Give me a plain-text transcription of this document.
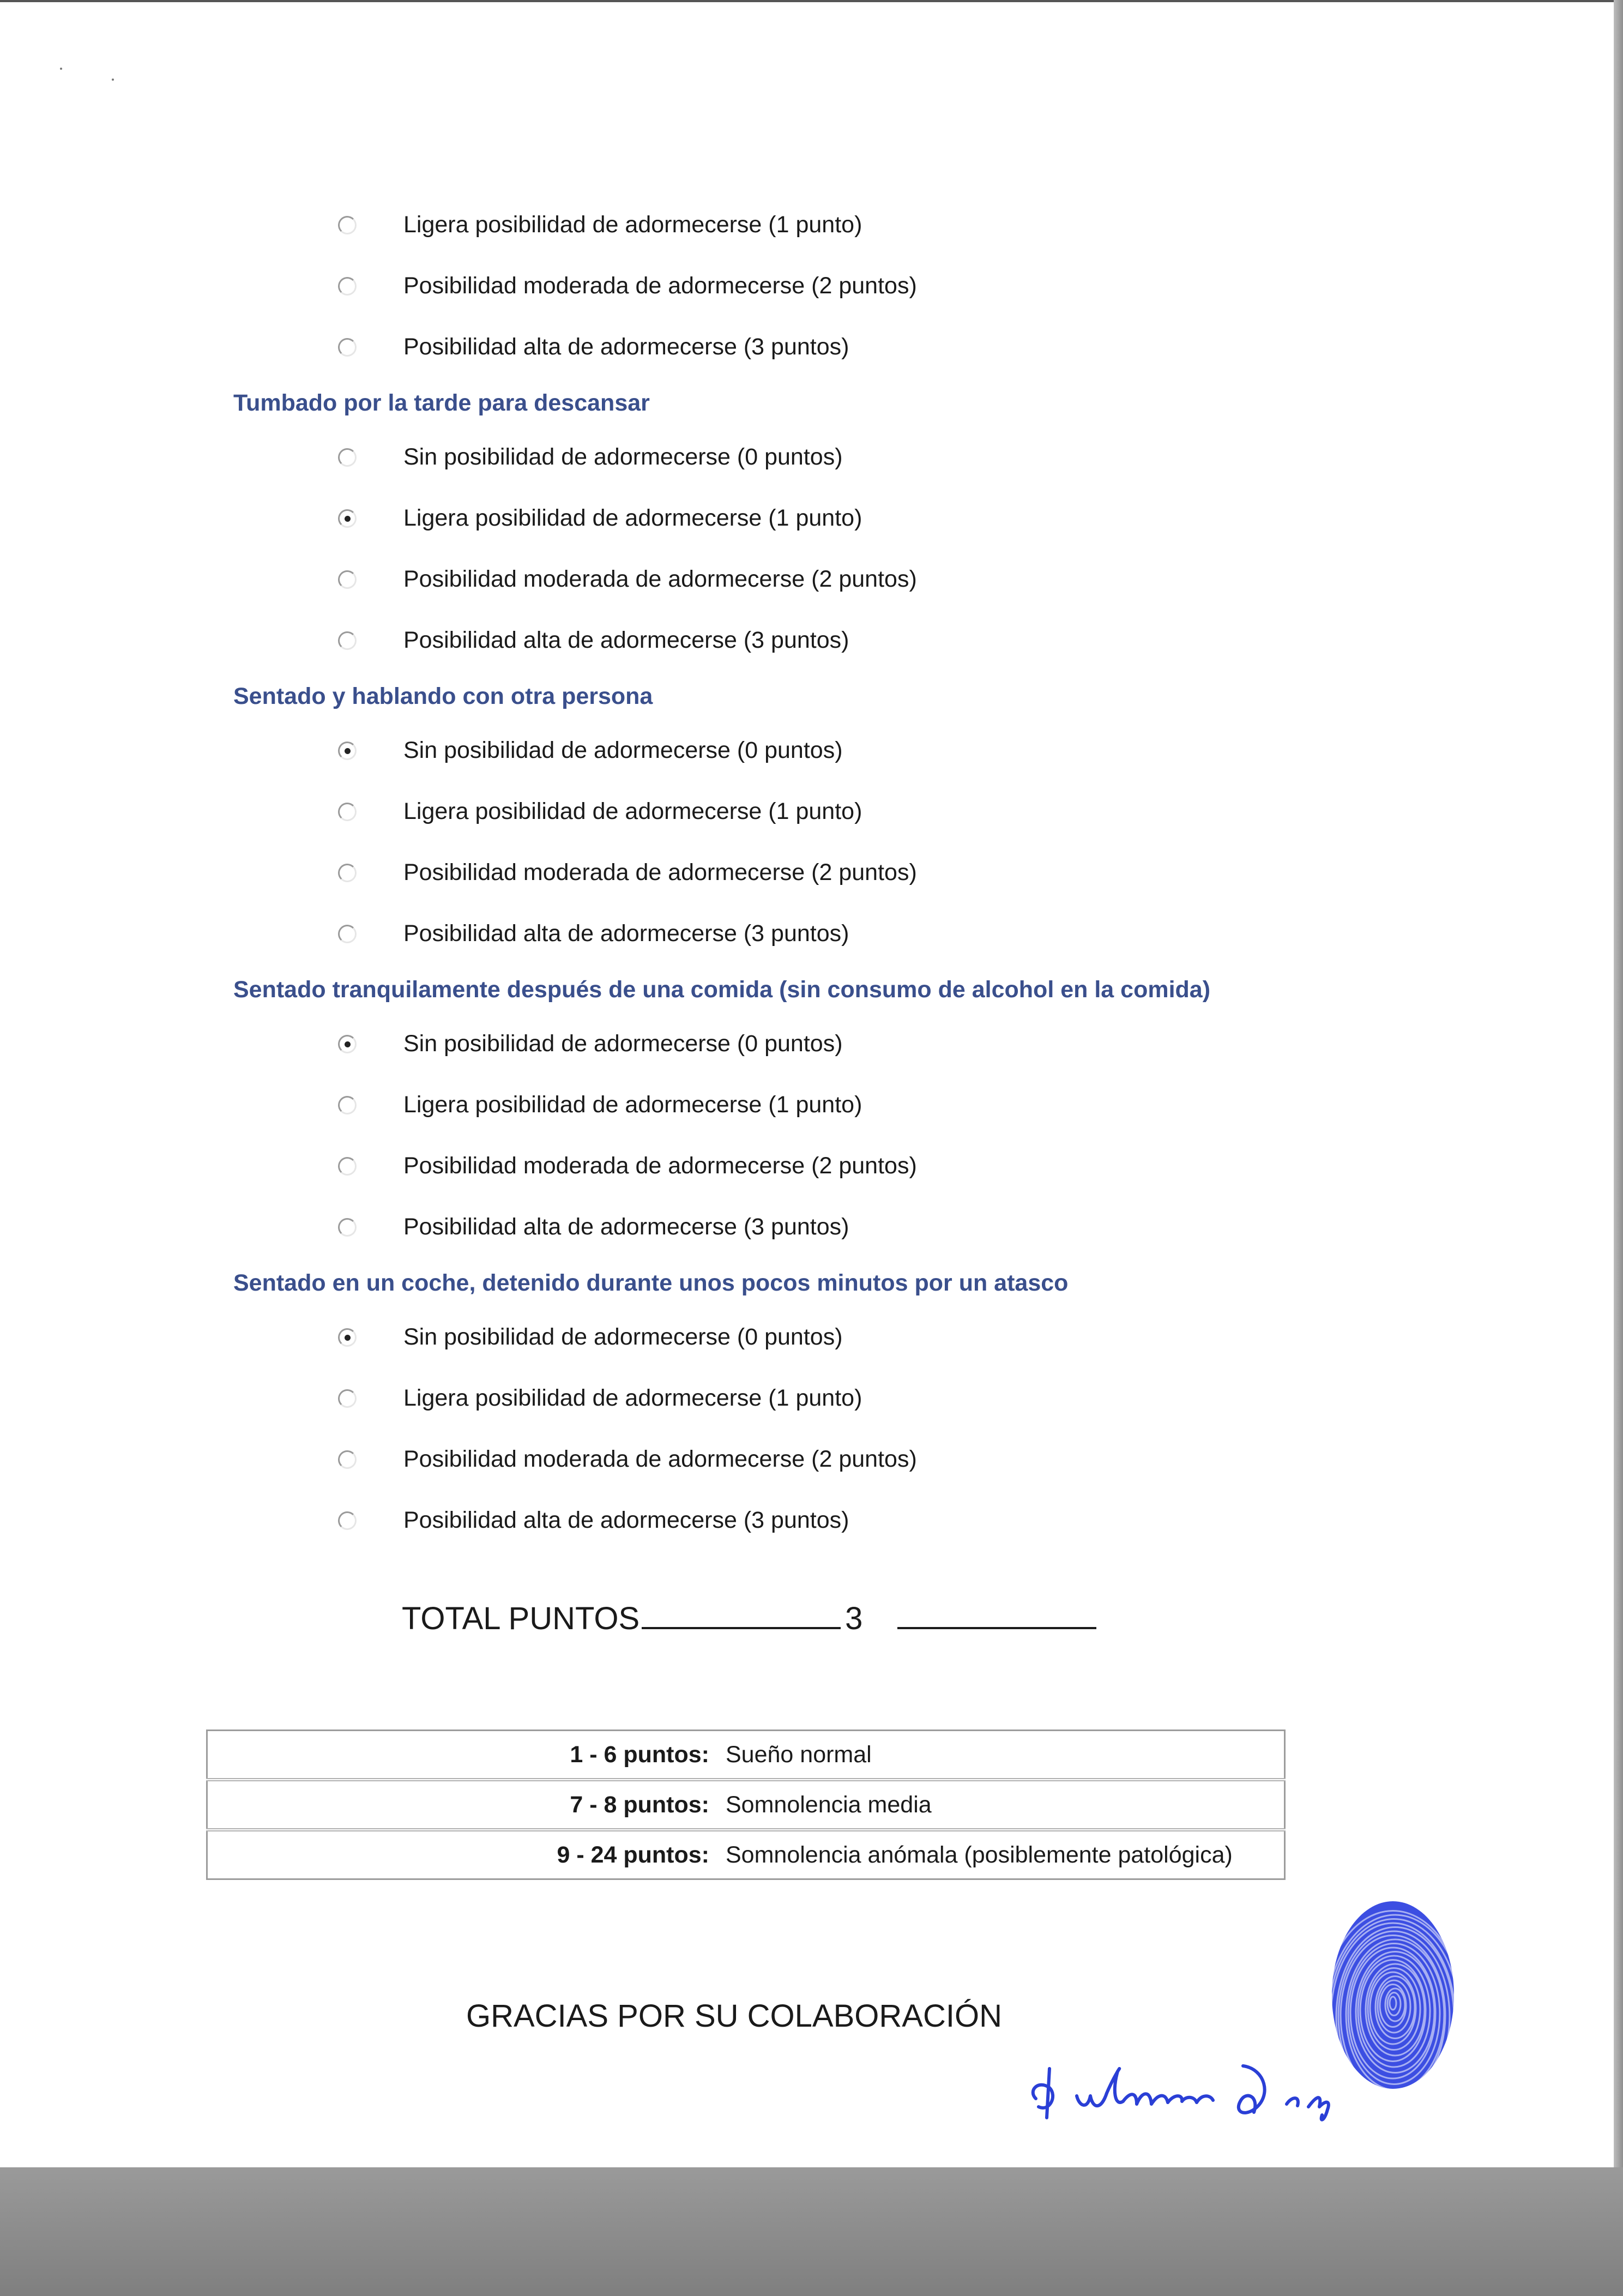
Ligera posibilidad de adormecerse (1 punto)
Posibilidad moderada de adormecerse (2 puntos)
Posibilidad alta de adormecerse (3 puntos)
Tumbado por la tarde para descansar
Sin posibilidad de adormecerse (0 puntos)
Ligera posibilidad de adormecerse (1 punto)
Posibilidad moderada de adormecerse (2 puntos)
Posibilidad alta de adormecerse (3 puntos)
Sentado y hablando con otra persona
Sin posibilidad de adormecerse (0 puntos)
Ligera posibilidad de adormecerse (1 punto)
Posibilidad moderada de adormecerse (2 puntos)
Posibilidad alta de adormecerse (3 puntos)
Sentado tranquilamente después de una comida (sin consumo de alcohol en la comida)
Sin posibilidad de adormecerse (0 puntos)
Ligera posibilidad de adormecerse (1 punto)
Posibilidad moderada de adormecerse (2 puntos)
Posibilidad alta de adormecerse (3 puntos)
Sentado en un coche, detenido durante unos pocos minutos por un atasco
Sin posibilidad de adormecerse (0 puntos)
Ligera posibilidad de adormecerse (1 punto)
Posibilidad moderada de adormecerse (2 puntos)
Posibilidad alta de adormecerse (3 puntos)
TOTAL PUNTOS	3
1 - 6 puntos:	Sueño normal
7 - 8 puntos:	Somnolencia media
9 - 24 puntos:	Somnolencia anómala (posiblemente patológica)
GRACIAS POR SU COLABORACIÓN
